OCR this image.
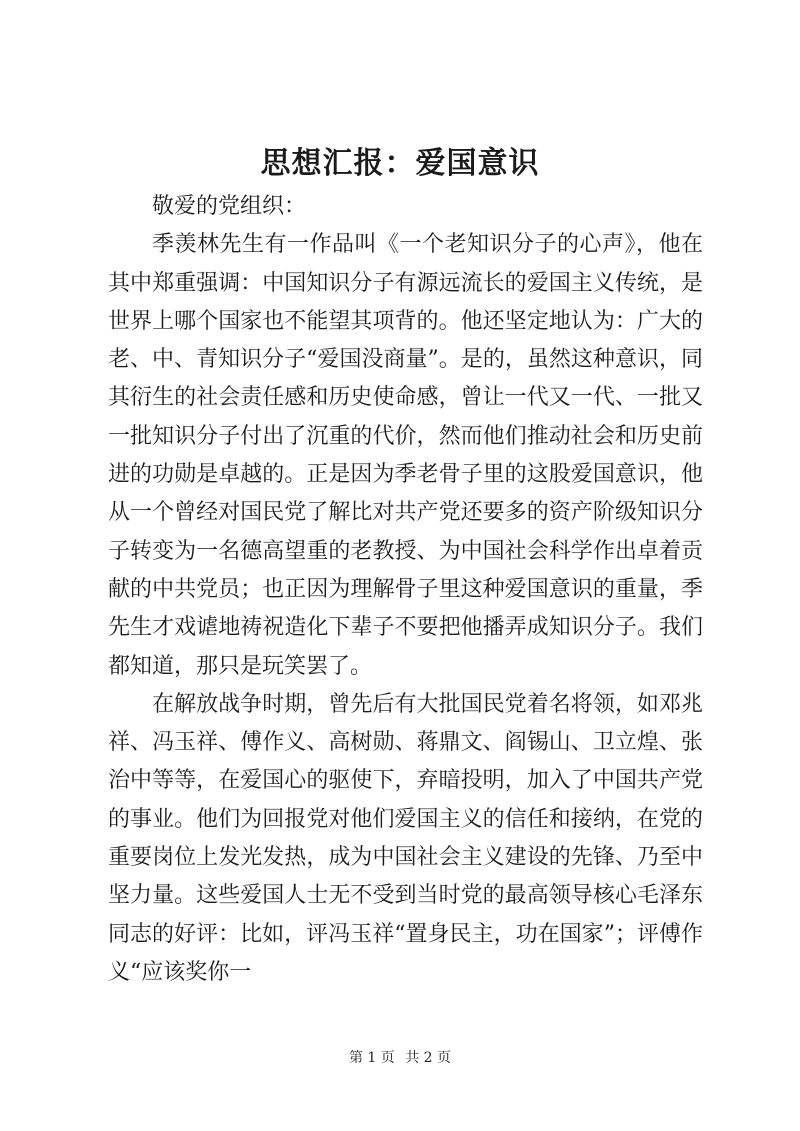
思想汇报：爱国意识

敬爱的党组织：

季羡林先生有一作品叫《一个老知识分子的心声》，他在其中郑重强调：中国知识分子有源远流长的爱国主义传统，是世界上哪个国家也不能望其项背的。他还坚定地认为：广大的老、中、青知识分子“爱国没商量”。是的，虽然这种意识，同其衍生的社会责任感和历史使命感，曾让一代又一代、一批又一批知识分子付出了沉重的代价，然而他们推动社会和历史前进的功勋是卓越的。正是因为季老骨子里的这股爱国意识，他从一个曾经对国民党了解比对共产党还要多的资产阶级知识分子转变为一名德高望重的老教授、为中国社会科学作出卓着贡献的中共党员；也正因为理解骨子里这种爱国意识的重量，季先生才戏谑地祷祝造化下辈子不要把他播弄成知识分子。我们都知道，那只是玩笑罢了。

在解放战争时期，曾先后有大批国民党着名将领，如邓兆祥、冯玉祥、傅作义、高树勋、蒋鼎文、阎锡山、卫立煌、张治中等等，在爱国心的驱使下，弃暗投明，加入了中国共产党的事业。他们为回报党对他们爱国主义的信任和接纳，在党的重要岗位上发光发热，成为中国社会主义建设的先锋、乃至中坚力量。这些爱国人士无不受到当时党的最高领导核心毛泽东同志的好评：比如，评冯玉祥“置身民主，功在国家”；评傅作义“应该奖你一

第 1 页 共 2 页
